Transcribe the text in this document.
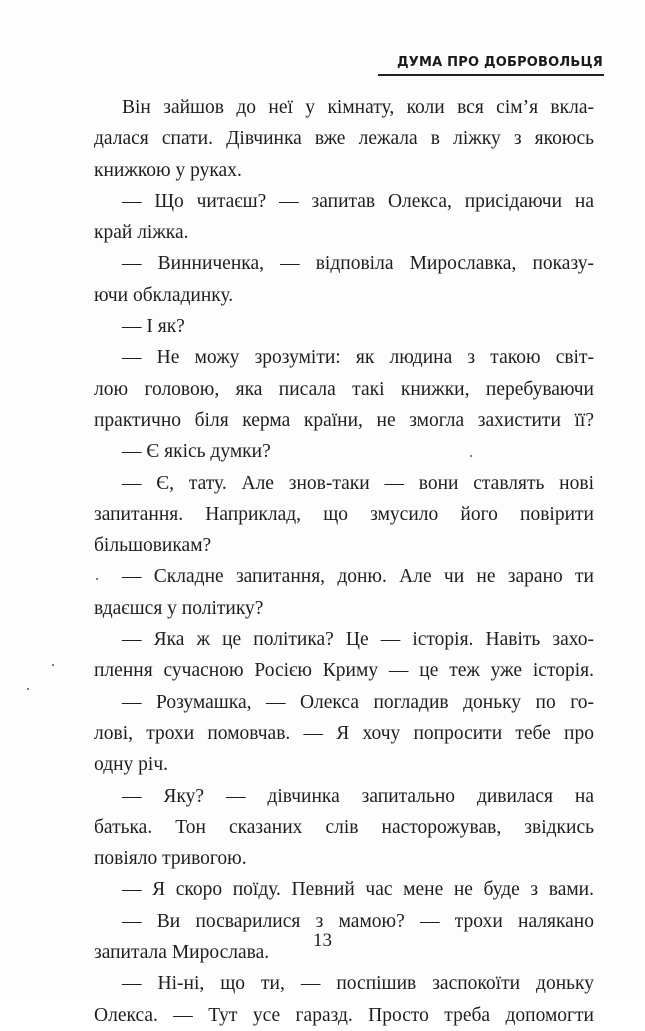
ДУМА ПРО ДОБРОВОЛЬЦЯ
Він зайшов до неї у кімнату, коли вся сім’я вкла-
далася спати. Дівчинка вже лежала в ліжку з якоюсь
книжкою у руках.
— Що читаєш? — запитав Олекса, присідаючи на
край ліжка.
— Винниченка, — відповіла Мирославка, показу-
ючи обкладинку.
— І як?
— Не можу зрозуміти: як людина з такою світ-
лою головою, яка писала такі книжки, перебуваючи
практично біля керма країни, не змогла захистити її?
— Є якісь думки?
— Є, тату. Але знов-таки — вони ставлять нові
запитання. Наприклад, що змусило його повірити
більшовикам?
— Складне запитання, доню. Але чи не зарано ти
вдаєшся у політику?
— Яка ж це політика? Це — історія. Навіть захо-
плення сучасною Росією Криму — це теж уже історія.
— Розумашка, — Олекса погладив доньку по го-
лові, трохи помовчав. — Я хочу попросити тебе про
одну річ.
— Яку? — дівчинка запитально дивилася на
батька. Тон сказаних слів насторожував, звідкись
повіяло тривогою.
— Я скоро поїду. Певний час мене не буде з вами.
— Ви посварилися з мамою? — трохи налякано
запитала Мирослава.
— Ні-ні, що ти, — поспішив заспокоїти доньку
Олекса. — Тут усе гаразд. Просто треба допомогти
13
